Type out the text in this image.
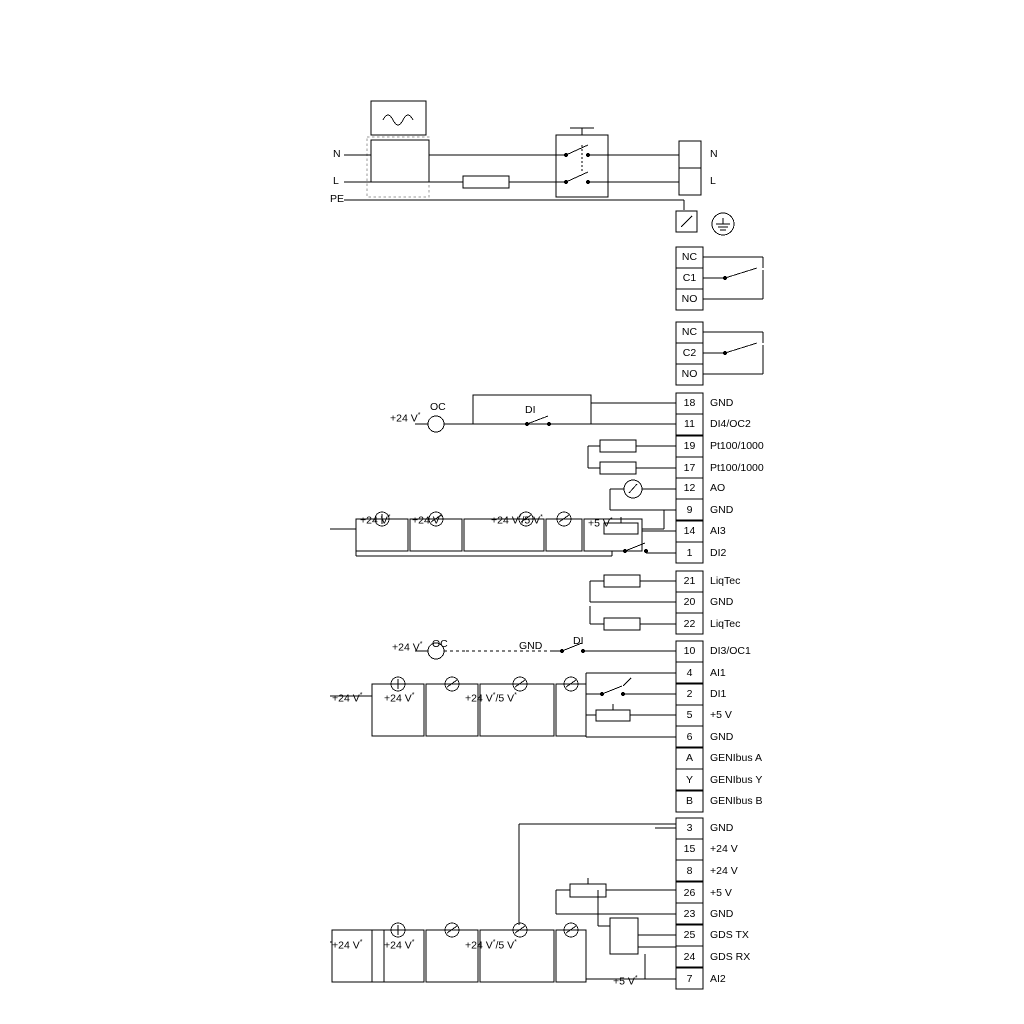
N
L
PE
N
L
NC
C1
NO
NC
C2
NO
18	GND
11	DI4/OC2
19	Pt100/1000
17	Pt100/1000
12	AO
9	GND
14	AI3
1	DI2
21	LiqTec
20	GND
22	LiqTec
10	DI3/OC1
4	AI1
2	DI1
5	+5 V
6	GND
A	GENIbus A
Y	GENIbus Y
B	GENIbus B
3	GND
15	+24 V
8	+24 V
26	+5 V
23	GND
25	GDS TX
24	GDS RX
7	AI2
+24 V*
OC	DI
+24 V* +24 V*	+24 V*/5 V*	+5 V*
+24 V* OC	GND	DI
+24 V* +24 V*	+24 V*/5 V*
+24 V* +24 V*	+24 V*/5 V*
+5 V*
